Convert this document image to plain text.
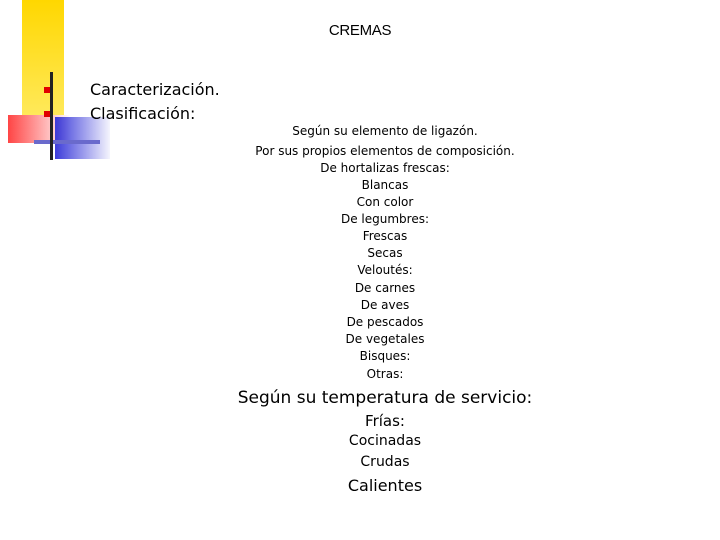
CREMAS
Caracterización.
Clasificación:
Según su elemento de ligazón.
Por sus propios elementos de composición.
De hortalizas frescas:
Blancas
Con color
De legumbres:
Frescas
Secas
Veloutés:
De carnes
De aves
De pescados
De vegetales
Bisques:
Otras:
Según su temperatura de servicio:
Frías:
Cocinadas
Crudas
Calientes
